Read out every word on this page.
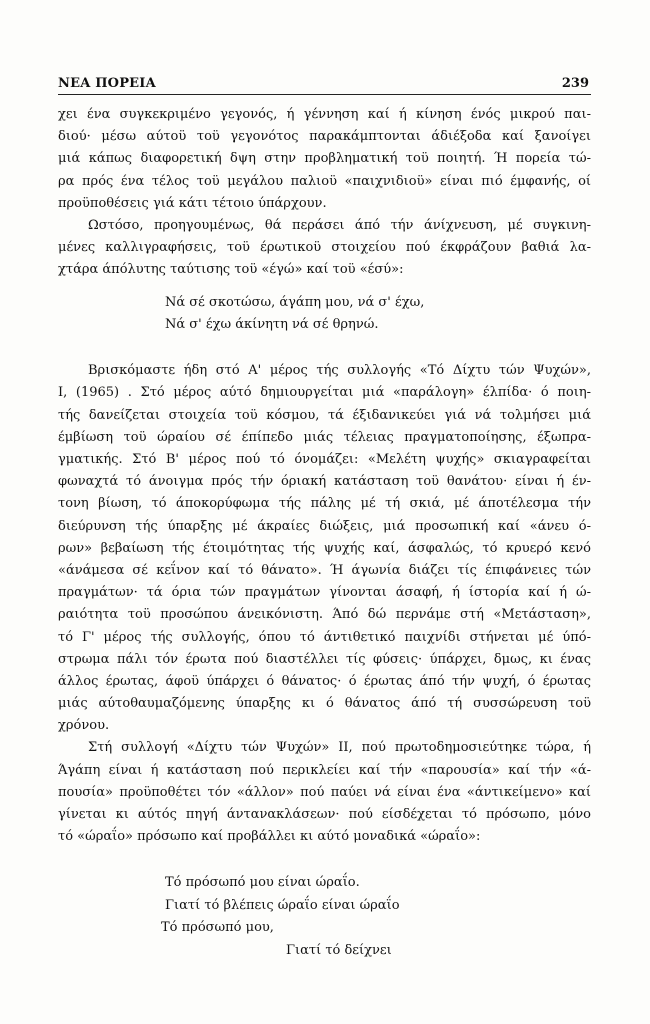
ΝΕΑ ΠΟΡΕΙΑ	239
χει ένα συγκεκριμένο γεγονός, ή γέννηση καί ή κίνηση ένός μικρού παι-
διού· μέσω αύτοϋ τοϋ γεγονότος παρακάμπτονται άδιέξοδα καί ξανοίγει
μιά κάπως διαφορετική δψη στην προβληματική τοϋ ποιητή. Ή πορεία τώ-
ρα πρός ένα τέλος τοϋ μεγάλου παλιοϋ «παιχνιδιοϋ» είναι πιό έμφανής, οί
προϋποθέσεις γιά κάτι τέτοιο ύπάρχουν.
Ωστόσο, προηγουμένως, θά περάσει άπό τήν άνίχνευση, μέ συγκινη-
μένες καλλιγραφήσεις, τοϋ έρωτικοϋ στοιχείου πού έκφράζουν βαθιά λα-
χτάρα άπόλυτης ταύτισης τοϋ «έγώ» καί τοϋ «έσύ»:
Νά σέ σκοτώσω, άγάπη μου, νά σ' έχω,
Νά σ' έχω άκίνητη νά σέ θρηνώ.
Βρισκόμαστε ήδη στό Α' μέρος τής συλλογής «Τό Δίχτυ τών Ψυχών»,
Ι, (1965) . Στό μέρος αύτό δημιουργείται μιά «παράλογη» έλπίδα· ό ποιη-
τής δανείζεται στοιχεία τοϋ κόσμου, τά έξιδανικεύει γιά νά τολμήσει μιά
έμβίωση τοϋ ώραίου σέ έπίπεδο μιάς τέλειας πραγματοποίησης, έξωπρα-
γματικής. Στό Β' μέρος πού τό όνομάζει: «Μελέτη ψυχής» σκιαγραφείται
φωναχτά τό άνοιγμα πρός τήν όριακή κατάσταση τοϋ θανάτου· είναι ή έν-
τονη βίωση, τό άποκορύφωμα τής πάλης μέ τή σκιά, μέ άποτέλεσμα τήν
διεύρυνση τής ύπαρξης μέ άκραίες διώξεις, μιά προσωπική καί «άνευ ό-
ρων» βεβαίωση τής έτοιμότητας τής ψυχής καί, άσφαλώς, τό κρυερό κενό
«άνάμεσα σέ κεΐνον καί τό θάνατο». Ή άγωνία διάζει τίς έπιφάνειες τών
πραγμάτων· τά όρια τών πραγμάτων γίνονται άσαφή, ή ίστορία καί ή ώ-
ραιότητα τοϋ προσώπου άνεικόνιστη. Άπό δώ περνάμε στή «Μετάσταση»,
τό Γ' μέρος τής συλλογής, όπου τό άντιθετικό παιχνίδι στήνεται μέ ύπό-
στρωμα πάλι τόν έρωτα πού διαστέλλει τίς φύσεις· ύπάρχει, δμως, κι ένας
άλλος έρωτας, άφοϋ ύπάρχει ό θάνατος· ό έρωτας άπό τήν ψυχή, ό έρωτας
μιάς αύτοθαυμαζόμενης ύπαρξης κι ό θάνατος άπό τή συσσώρευση τοϋ
χρόνου.
Στή συλλογή «Δίχτυ τών Ψυχών» ΙΙ, πού πρωτοδημοσιεύτηκε τώρα, ή
Άγάπη είναι ή κατάσταση πού περικλείει καί τήν «παρουσία» καί τήν «ά-
πουσία» προϋποθέτει τόν «άλλον» πού παύει νά είναι ένα «άντικείμενο» καί
γίνεται κι αύτός πηγή άντανακλάσεων· πού είσδέχεται τό πρόσωπο, μόνο
τό «ώραΐο» πρόσωπο καί προβάλλει κι αύτό μοναδικά «ώραΐο»:
Τό πρόσωπό μου είναι ώραΐο.
Γιατί τό βλέπεις ώραΐο είναι ώραΐο
Τό πρόσωπό μου,
Γιατί τό δείχνει
